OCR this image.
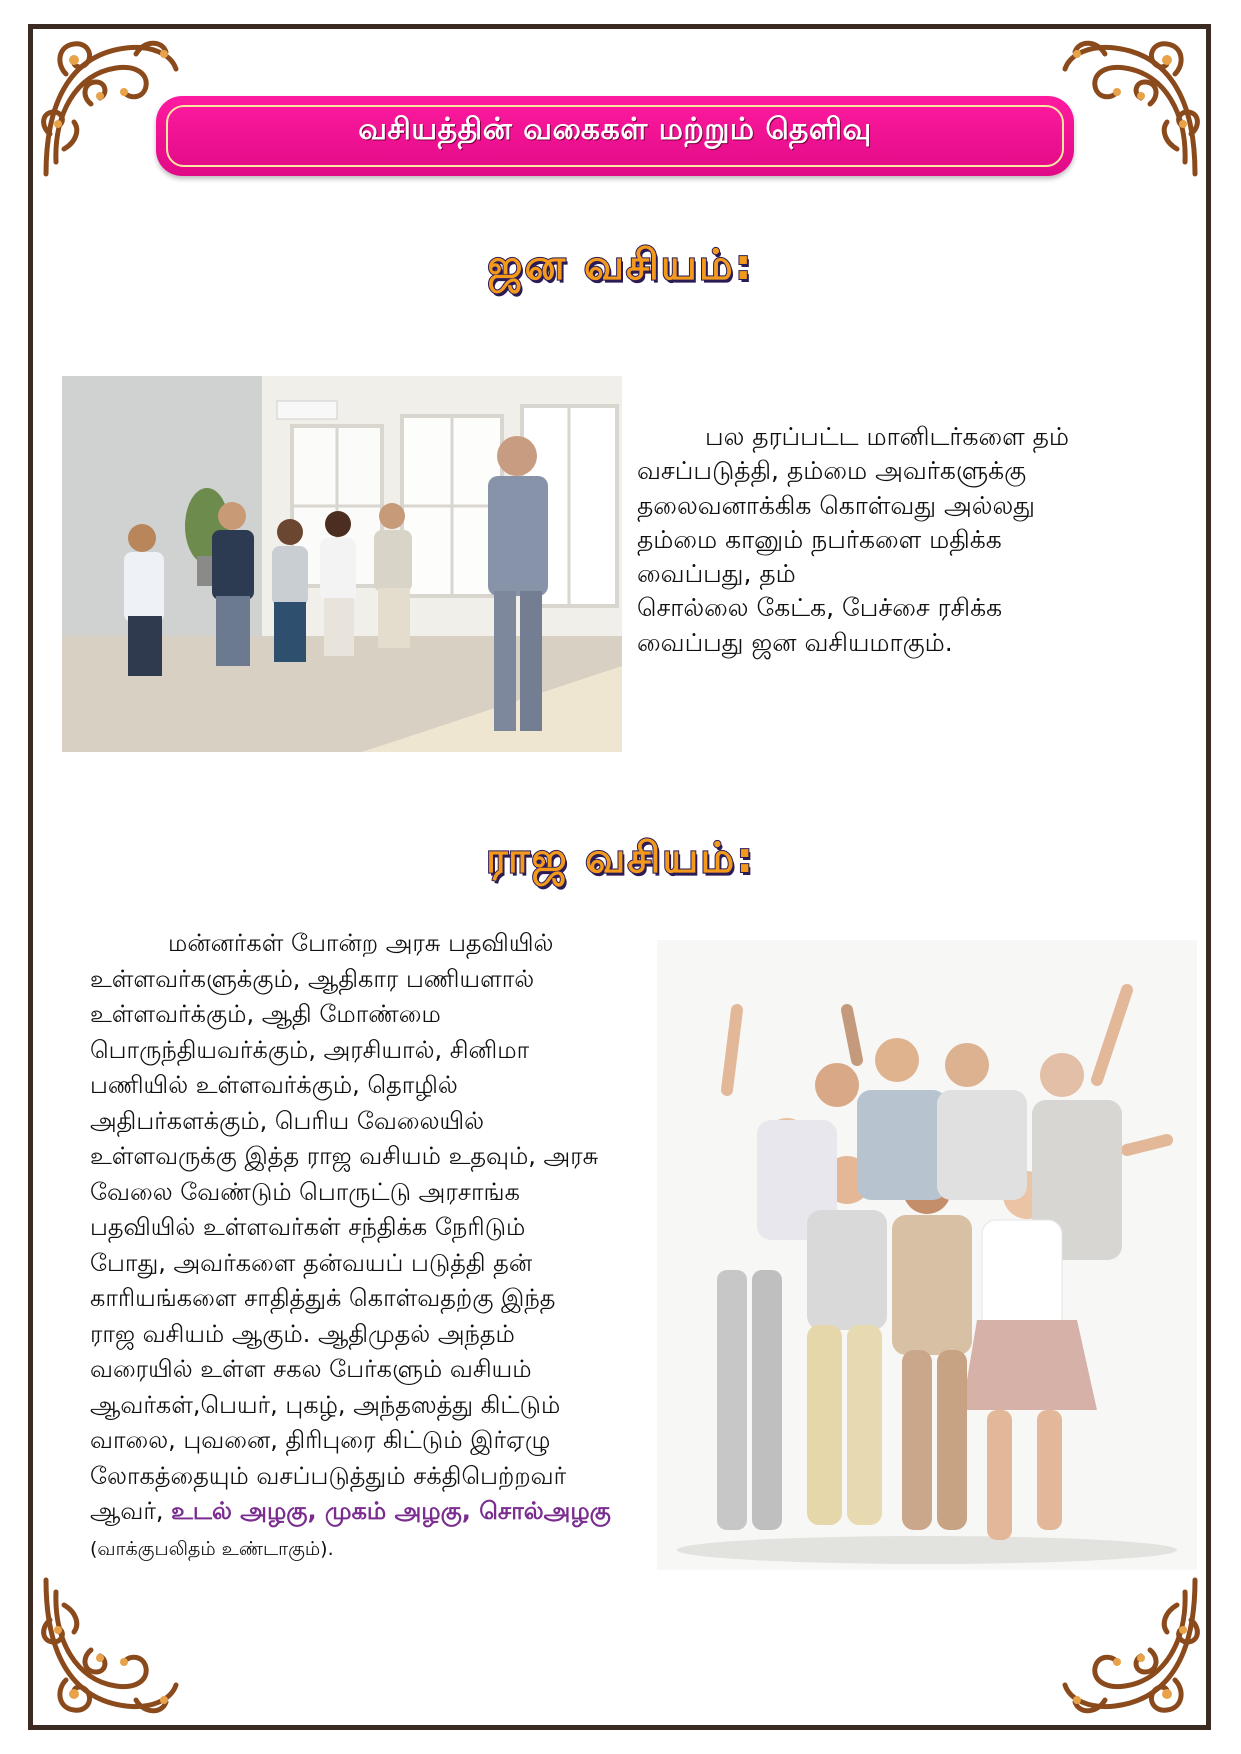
வசியத்தின் வகைகள் மற்றும் தெளிவு
ஜன வசியம்:
பல தரப்பட்ட மானிடர்களை தம்
வசப்படுத்தி, தம்மை அவர்களுக்கு
தலைவனாக்கிக கொள்வது அல்லது
தம்மை கானும் நபர்களை மதிக்க
வைப்பது, தம்
சொல்லை கேட்க, பேச்சை ரசிக்க
வைப்பது ஜன வசியமாகும்.
ராஜ வசியம்:
மன்னர்கள் போன்ற அரசு பதவியில்
உள்ளவர்களுக்கும், ஆதிகார பணியளால்
உள்ளவர்க்கும், ஆதி மோண்மை
பொருந்தியவர்க்கும், அரசியால், சினிமா
பணியில் உள்ளவர்க்கும், தொழில்
அதிபர்களக்கும், பெரிய வேலையில்
உள்ளவருக்கு இத்த ராஜ வசியம் உதவும், அரசு
வேலை வேண்டும் பொருட்டு அரசாங்க
பதவியில் உள்ளவர்கள் சந்திக்க நேரிடும்
போது, அவர்களை தன்வயப் படுத்தி தன்
காரியங்களை சாதித்துக் கொள்வதற்கு இந்த
ராஜ வசியம் ஆகும். ஆதிமுதல் அந்தம்
வரையில் உள்ள சகல பேர்களும் வசியம்
ஆவர்கள்,பெயர், புகழ், அந்தஸத்து கிட்டும்
வாலை, புவனை, திரிபுரை கிட்டும் இர்ஏழு
லோகத்தையும் வசப்படுத்தும் சக்திபெற்றவர்
ஆவர், உடல் அழகு, முகம் அழகு, சொல்அழகு
(வாக்குபலிதம் உண்டாகும்).
